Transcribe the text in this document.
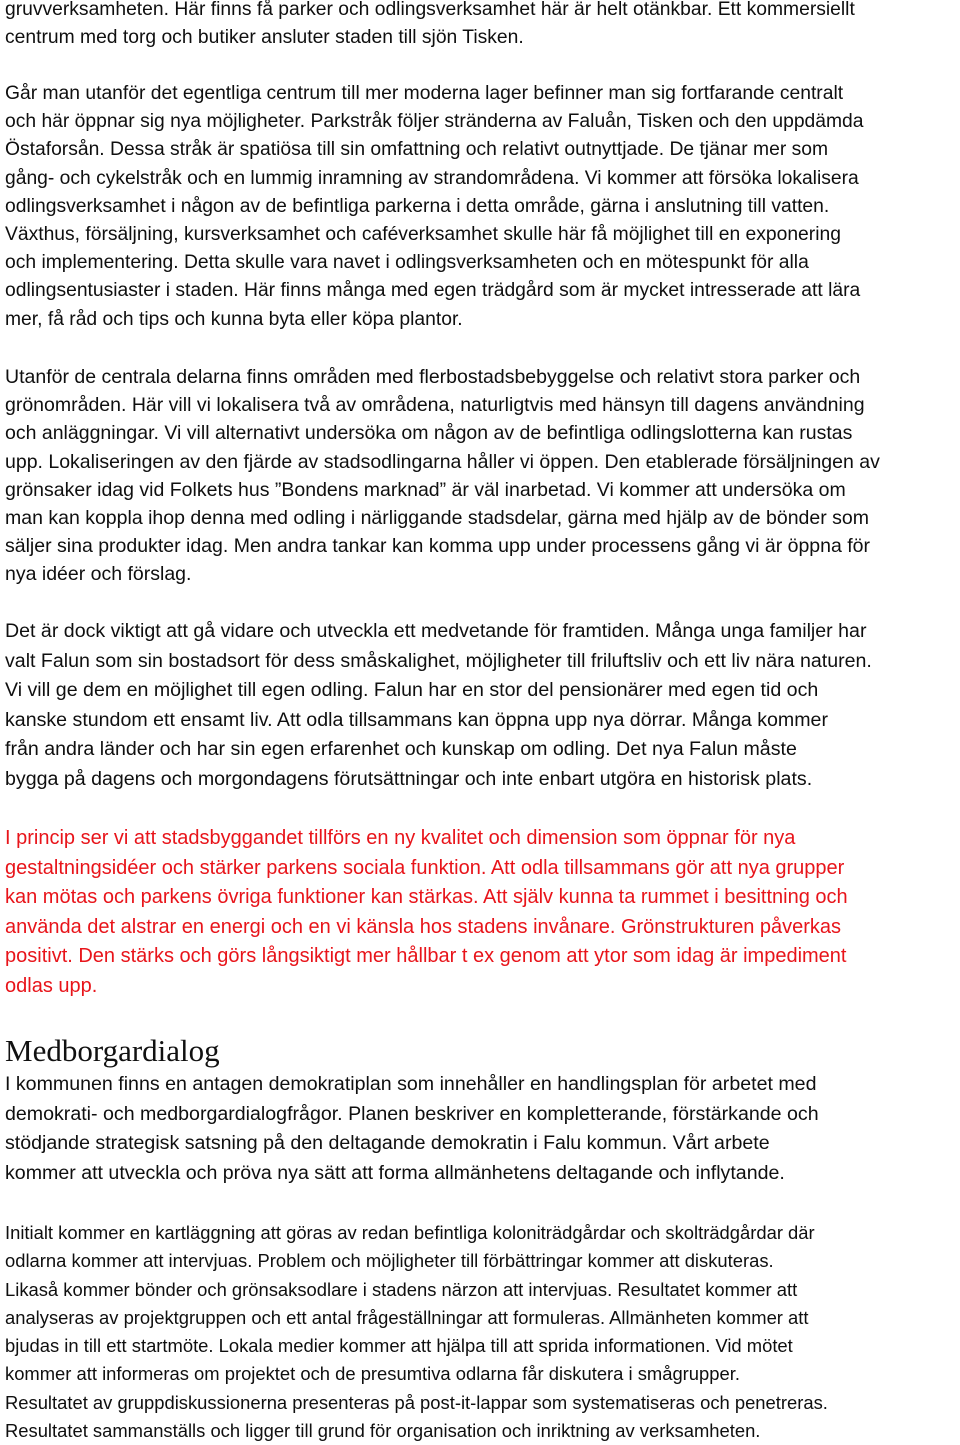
gruvverksamheten. Här finns få parker och odlingsverksamhet här är helt otänkbar. Ett kommersiellt
centrum med torg och butiker ansluter staden till sjön Tisken.

Går man utanför det egentliga centrum till mer moderna lager befinner man sig fortfarande centralt
och här öppnar sig nya möjligheter. Parkstråk följer stränderna av Faluån, Tisken och den uppdämda
Östaforsån. Dessa stråk är spatiösa till sin omfattning och relativt outnyttjade. De tjänar mer som
gång- och cykelstråk och en lummig inramning av strandområdena. Vi kommer att försöka lokalisera
odlingsverksamhet i någon av de befintliga parkerna i detta område, gärna i anslutning till vatten.
Växthus, försäljning, kursverksamhet och caféverksamhet skulle här få möjlighet till en exponering
och implementering. Detta skulle vara navet i odlingsverksamheten och en mötespunkt för alla
odlingsentusiaster i staden. Här finns många med egen trädgård som är mycket intresserade att lära
mer, få råd och tips och kunna byta eller köpa plantor.

Utanför de centrala delarna finns områden med flerbostadsbebyggelse och relativt stora parker och
grönområden. Här vill vi lokalisera två av områdena, naturligtvis med hänsyn till dagens användning
och anläggningar. Vi vill alternativt undersöka om någon av de befintliga odlingslotterna kan rustas
upp. Lokaliseringen av den fjärde av stadsodlingarna håller vi öppen. Den etablerade försäljningen av
grönsaker idag vid Folkets hus ”Bondens marknad” är väl inarbetad. Vi kommer att undersöka om
man kan koppla ihop denna med odling i närliggande stadsdelar, gärna med hjälp av de bönder som
säljer sina produkter idag. Men andra tankar kan komma upp under processens gång vi är öppna för
nya idéer och förslag.

Det är dock viktigt att gå vidare och utveckla ett medvetande för framtiden. Många unga familjer har
valt Falun som sin bostadsort för dess småskalighet, möjligheter till friluftsliv och ett liv nära naturen.
Vi vill ge dem en möjlighet till egen odling. Falun har en stor del pensionärer med egen tid och
kanske stundom ett ensamt liv. Att odla tillsammans kan öppna upp nya dörrar. Många kommer
från andra länder och har sin egen erfarenhet och kunskap om odling. Det nya Falun måste
bygga på dagens och morgondagens förutsättningar och inte enbart utgöra en historisk plats.

I princip ser vi att stadsbyggandet tillförs en ny kvalitet och dimension som öppnar för nya
gestaltningsidéer och stärker parkens sociala funktion. Att odla tillsammans gör att nya grupper
kan mötas och parkens övriga funktioner kan stärkas. Att själv kunna ta rummet i besittning och
använda det alstrar en energi och en vi känsla hos stadens invånare. Grönstrukturen påverkas
positivt. Den stärks och görs långsiktigt mer hållbar t ex genom att ytor som idag är impediment
odlas upp.

Medborgardialog

I kommunen finns en antagen demokratiplan som innehåller en handlingsplan för arbetet med
demokrati- och medborgardialogfrågor. Planen beskriver en kompletterande, förstärkande och
stödjande strategisk satsning på den deltagande demokratin i Falu kommun. Vårt arbete
kommer att utveckla och pröva nya sätt att forma allmänhetens deltagande och inflytande.

Initialt kommer en kartläggning att göras av redan befintliga koloniträdgårdar och skolträdgårdar där
odlarna kommer att intervjuas. Problem och möjligheter till förbättringar kommer att diskuteras.
Likaså kommer bönder och grönsaksodlare i stadens närzon att intervjuas. Resultatet kommer att
analyseras av projektgruppen och ett antal frågeställningar att formuleras. Allmänheten kommer att
bjudas in till ett startmöte. Lokala medier kommer att hjälpa till att sprida informationen. Vid mötet
kommer att informeras om projektet och de presumtiva odlarna får diskutera i smågrupper.
Resultatet av gruppdiskussionerna presenteras på post-it-lappar som systematiseras och penetreras.
Resultatet sammanställs och ligger till grund för organisation och inriktning av verksamheten.
